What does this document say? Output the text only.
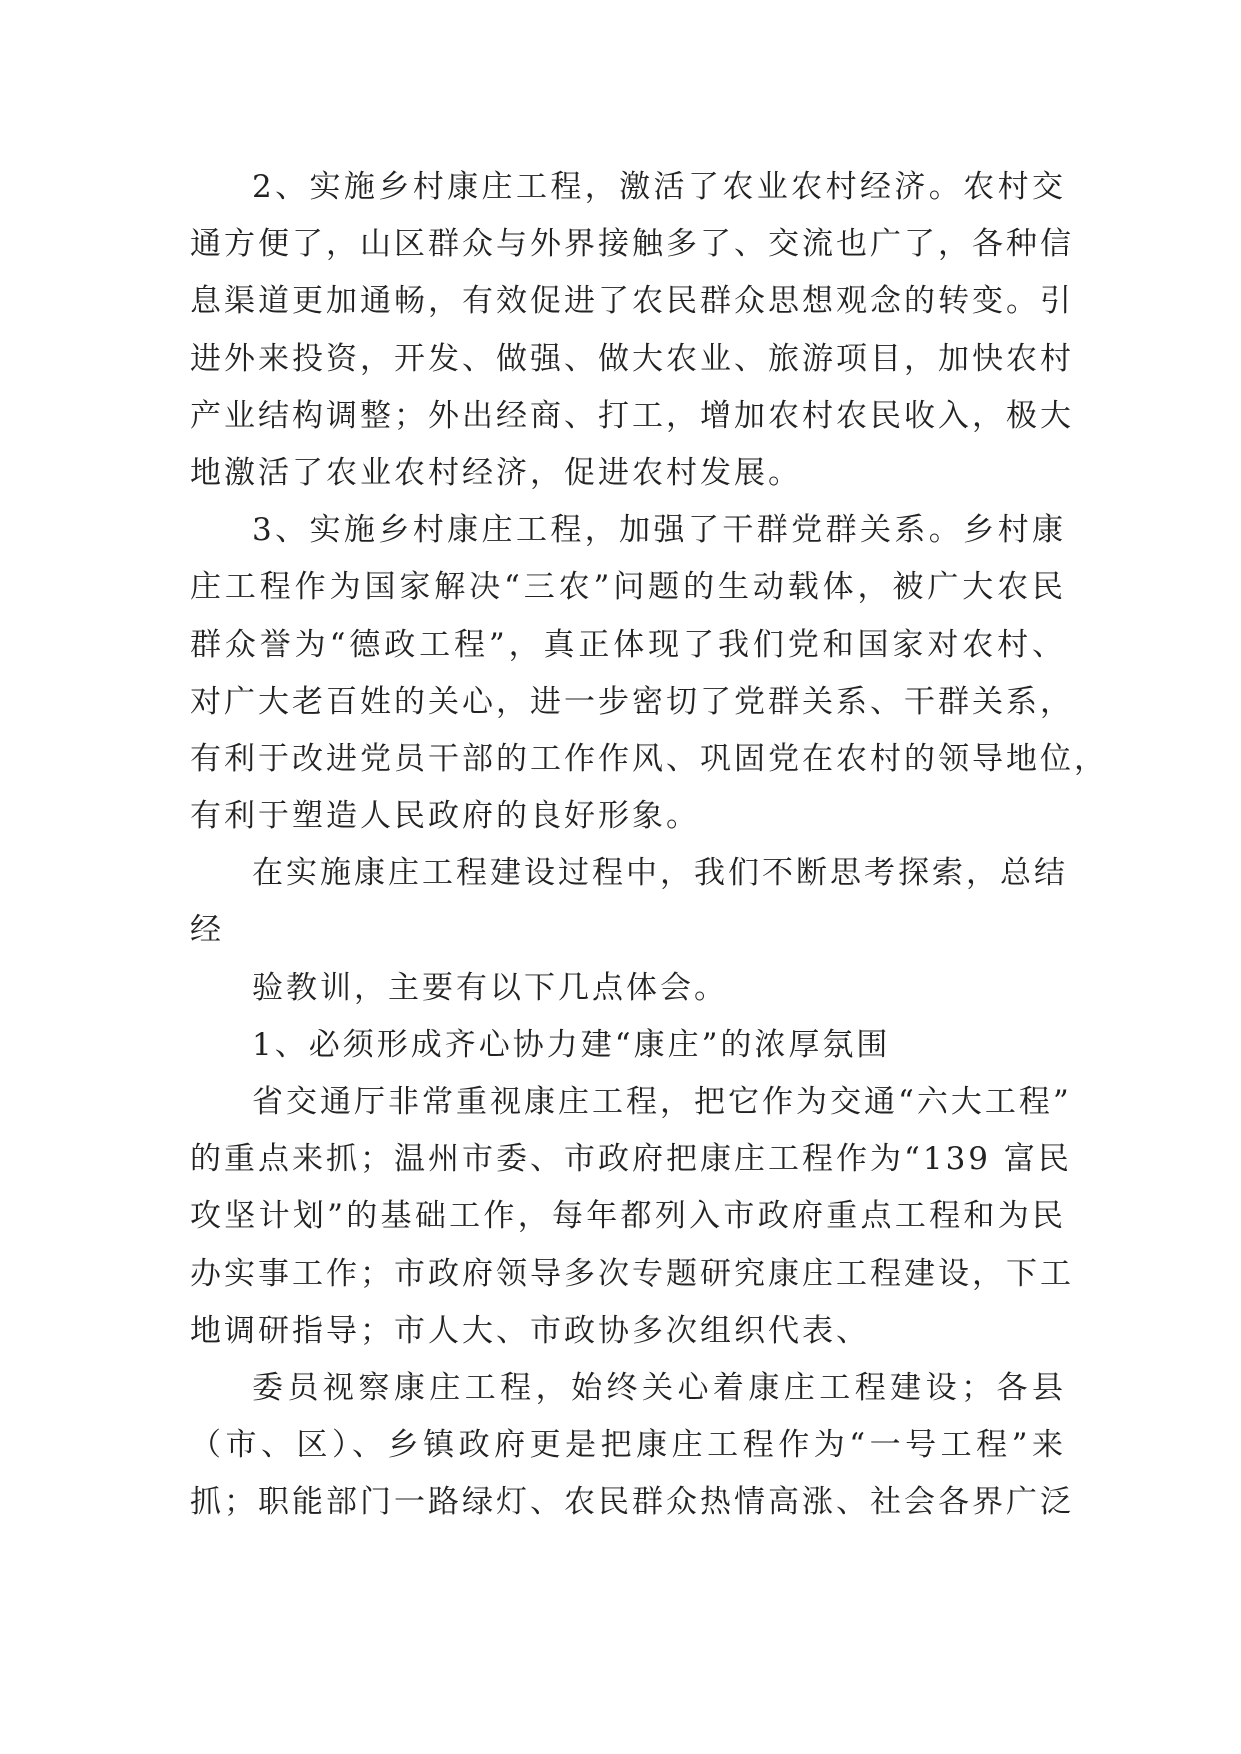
2、实施乡村康庄工程，激活了农业农村经济。农村交
通方便了，山区群众与外界接触多了、交流也广了，各种信
息渠道更加通畅，有效促进了农民群众思想观念的转变。引
进外来投资，开发、做强、做大农业、旅游项目，加快农村
产业结构调整；外出经商、打工，增加农村农民收入，极大
地激活了农业农村经济，促进农村发展。
3、实施乡村康庄工程，加强了干群党群关系。乡村康
庄工程作为国家解决“三农”问题的生动载体，被广大农民
群众誉为“德政工程”，真正体现了我们党和国家对农村、
对广大老百姓的关心，进一步密切了党群关系、干群关系，
有利于改进党员干部的工作作风、巩固党在农村的领导地位，
有利于塑造人民政府的良好形象。
在实施康庄工程建设过程中，我们不断思考探索，总结
经
验教训，主要有以下几点体会。
1、必须形成齐心协力建“康庄”的浓厚氛围
省交通厅非常重视康庄工程，把它作为交通“六大工程”
的重点来抓；温州市委、市政府把康庄工程作为“139 富民
攻坚计划”的基础工作，每年都列入市政府重点工程和为民
办实事工作；市政府领导多次专题研究康庄工程建设，下工
地调研指导；市人大、市政协多次组织代表、
委员视察康庄工程，始终关心着康庄工程建设；各县
（市、区）、乡镇政府更是把康庄工程作为“一号工程”来
抓；职能部门一路绿灯、农民群众热情高涨、社会各界广泛
